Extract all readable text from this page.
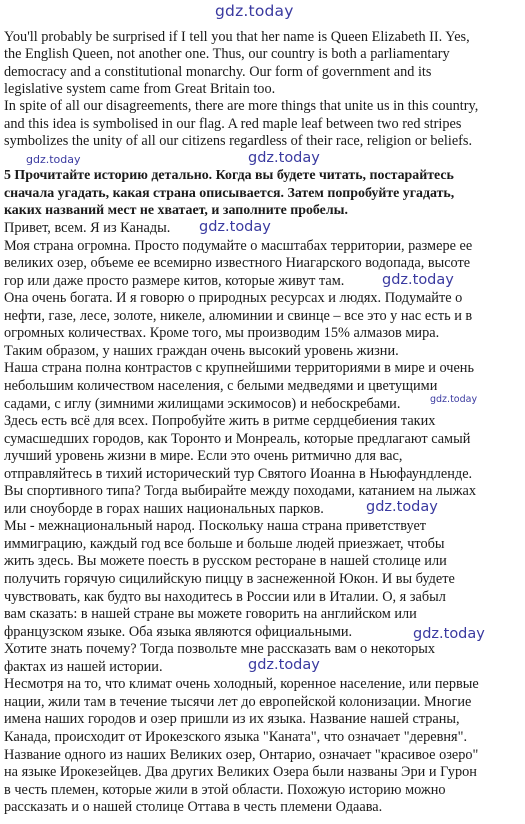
gdz.today
You'll probably be surprised if I tell you that her name is Queen Elizabeth II. Yes,
the English Queen, not another one. Thus, our country is both a parliamentary
democracy and a constitutional monarchy. Our form of government and its
legislative system came from Great Britain too.
In spite of all our disagreements, there are more things that unite us in this country,
and this idea is symbolised in our flag. A red maple leaf between two red stripes
symbolizes the unity of all our citizens regardless of their race, religion or beliefs.
5 Прочитайте историю детально. Когда вы будете читать, постарайтесь
сначала угадать, какая страна описывается. Затем попробуйте угадать,
каких названий мест не хватает, и заполните пробелы.
Привет, всем. Я из Канады.
Моя страна огромна. Просто подумайте о масштабах территории, размере ее
великих озер, объеме ее всемирно известного Ниагарского водопада, высоте
гор или даже просто размере китов, которые живут там.
Она очень богата. И я говорю о природных ресурсах и людях. Подумайте о
нефти, газе, лесе, золоте, никеле, алюминии и свинце – все это у нас есть и в
огромных количествах. Кроме того, мы производим 15% алмазов мира.
Таким образом, у наших граждан очень высокий уровень жизни.
Наша страна полна контрастов с крупнейшими территориями в мире и очень
небольшим количеством населения, с белыми медведями и цветущими
садами, с иглу (зимними жилищами эскимосов) и небоскребами.
Здесь есть всё для всех. Попробуйте жить в ритме сердцебиения таких
сумасшедших городов, как Торонто и Монреаль, которые предлагают самый
лучший уровень жизни в мире. Если это очень ритмично для вас,
отправляйтесь в тихий исторический тур Святого Иоанна в Ньюфаундленде.
Вы спортивного типа? Тогда выбирайте между походами, катанием на лыжах
или сноуборде в горах наших национальных парков.
Мы - межнациональный народ. Поскольку наша страна приветствует
иммиграцию, каждый год все больше и больше людей приезжает, чтобы
жить здесь. Вы можете поесть в русском ресторане в нашей столице или
получить горячую сицилийскую пиццу в заснеженной Юкон. И вы будете
чувствовать, как будто вы находитесь в России или в Италии. О, я забыл
вам сказать: в нашей стране вы можете говорить на английском или
французском языке. Оба языка являются официальными.
Хотите знать почему? Тогда позвольте мне рассказать вам о некоторых
фактах из нашей истории.
Несмотря на то, что климат очень холодный, коренное население, или первые
нации, жили там в течение тысячи лет до европейской колонизации. Многие
имена наших городов и озер пришли из их языка. Название нашей страны,
Канада, происходит от Ирокезского языка "Каната", что означает "деревня".
Название одного из наших Великих озер, Онтарио, означает "красивое озеро"
на языке Ирокезейцев. Два других Великих Озера были названы Эри и Гурон
в честь племен, которые жили в этой области. Похожую историю можно
рассказать и о нашей столице Оттава в честь племени Одаава.
gdz.today	gdz.today
gdz.today
gdz.today
gdz.today
gdz.today
gdz.today
gdz.today
